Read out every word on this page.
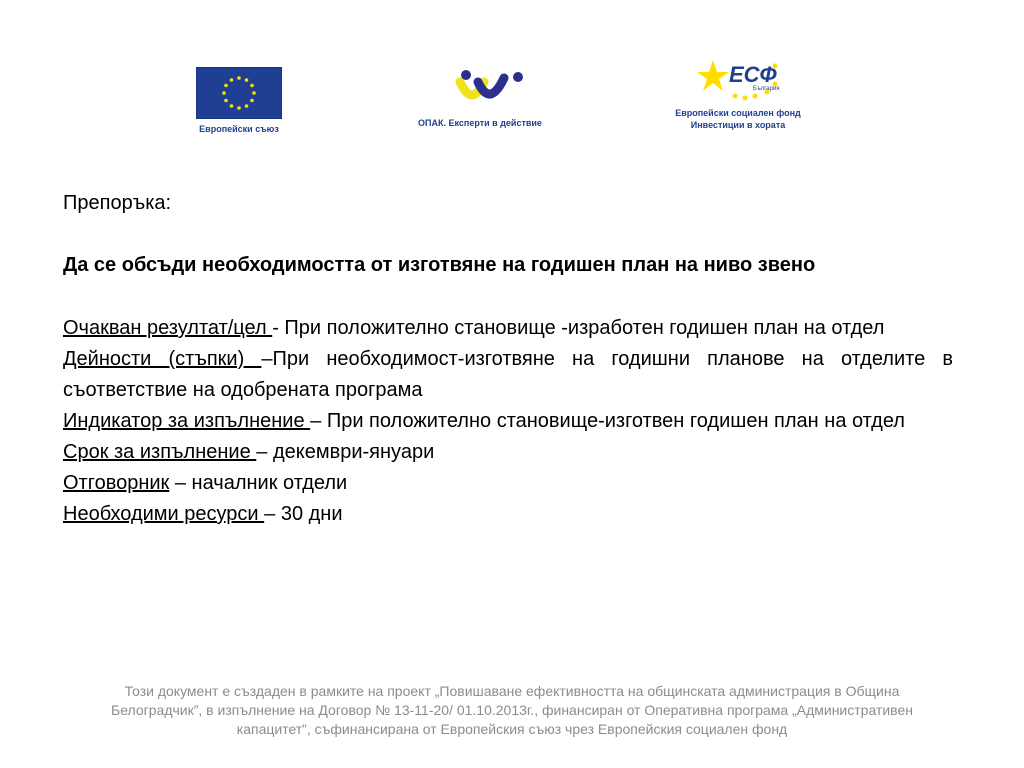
Европейски съюз
ОПАК. Експерти в действие
ЕСФ
България
Европейски социален фонд
Инвестиции в хората
Препоръка:
Да се обсъди необходимостта от изготвяне на годишен план на ниво звено
Очакван резултат/цел - При положително становище -изработен годишен план на отдел
Дейности (стъпки) –При необходимост-изготвяне на годишни планове на отделите в съответствие на одобрената програма
Индикатор за изпълнение – При положително становище-изготвен годишен план на отдел
Срок за изпълнение – декември-януари
Отговорник – началник отдели
Необходими ресурси – 30 дни
Този документ е създаден в рамките на проект „Повишаване ефективността на общинската администрация в Община
Белоградчик”, в изпълнение на Договор № 13-11-20/ 01.10.2013г., финансиран от Оперативна програма „Административен
капацитет”, съфинансирана от Европейския съюз чрез Европейския социален фонд
